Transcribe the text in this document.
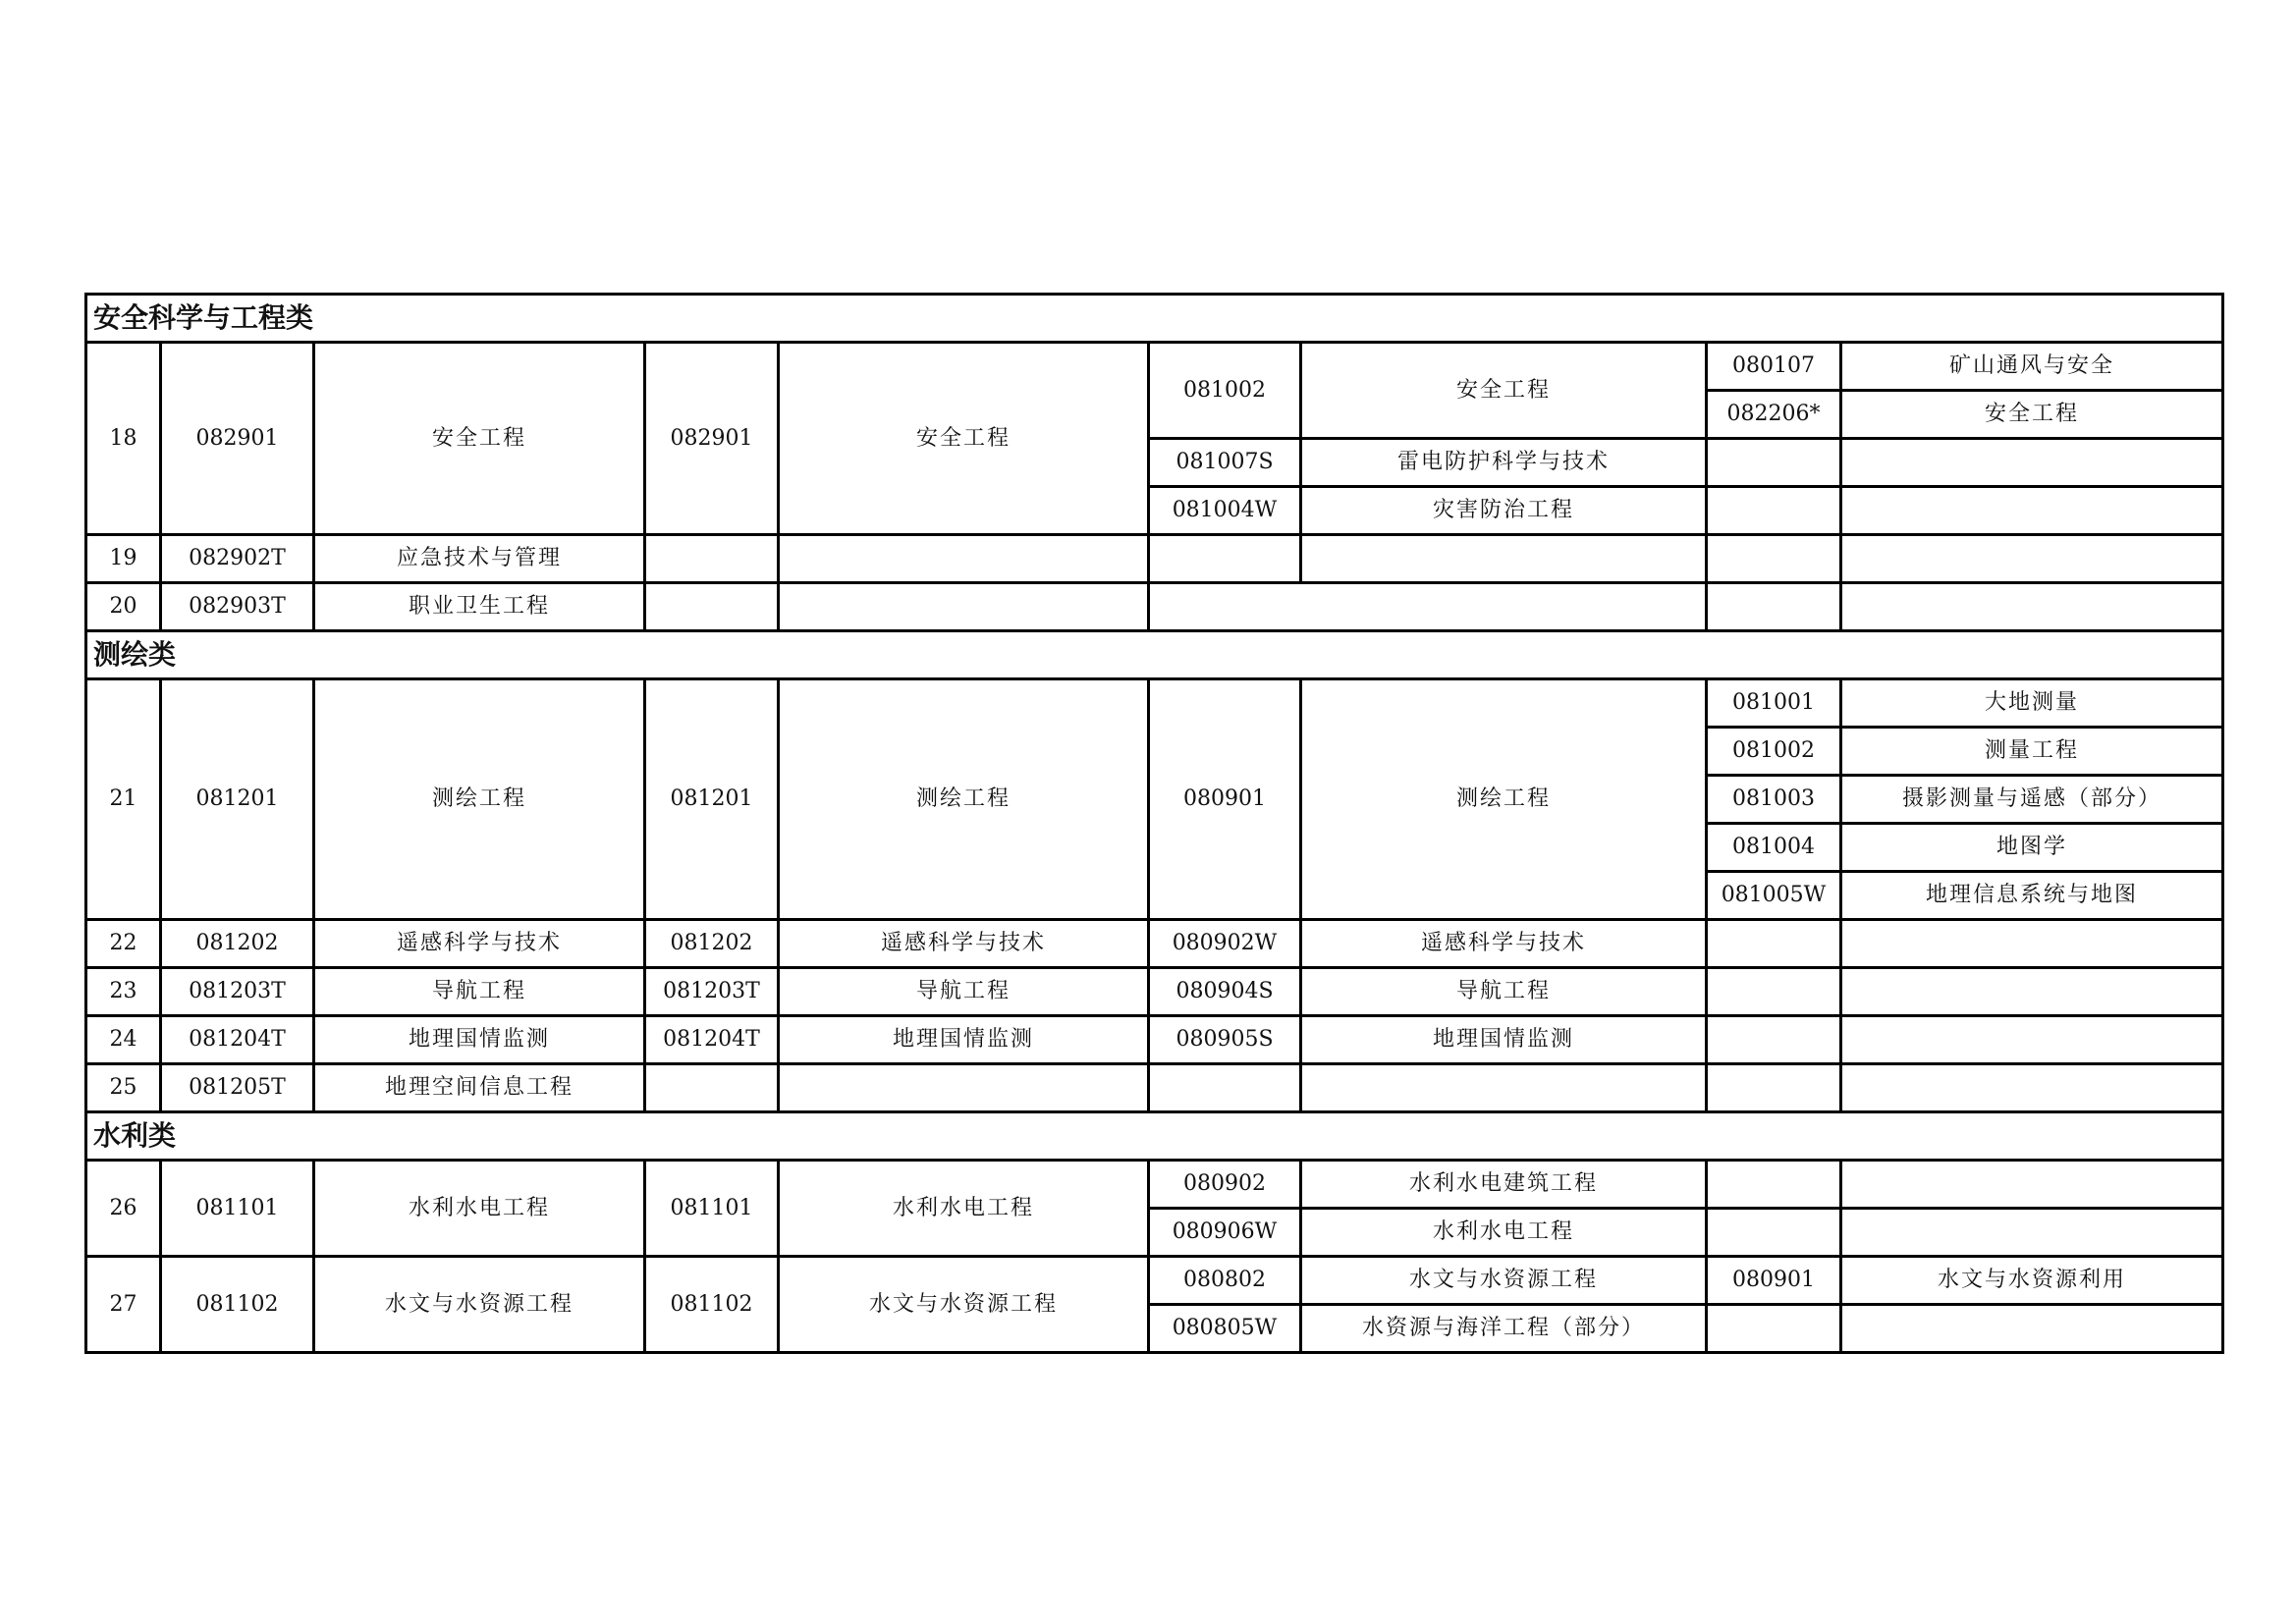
安全科学与工程类								
18	082901	安全工程	082901	安全工程	081002	安全工程	080107	矿山通风与安全
							082206*	安全工程
					081007S	雷电防护科学与技术		
					081004W	灾害防治工程		
19	082902T	应急技术与管理						
20	082903T	职业卫生工程						
测绘类								
21	081201	测绘工程	081201	测绘工程	080901	测绘工程	081001	大地测量
							081002	测量工程
							081003	摄影测量与遥感（部分）
							081004	地图学
							081005W	地理信息系统与地图
22	081202	遥感科学与技术	081202	遥感科学与技术	080902W	遥感科学与技术		
23	081203T	导航工程	081203T	导航工程	080904S	导航工程		
24	081204T	地理国情监测	081204T	地理国情监测	080905S	地理国情监测		
25	081205T	地理空间信息工程						
水利类								
26	081101	水利水电工程	081101	水利水电工程	080902	水利水电建筑工程		
					080906W	水利水电工程		
27	081102	水文与水资源工程	081102	水文与水资源工程	080802	水文与水资源工程	080901	水文与水资源利用
					080805W	水资源与海洋工程（部分）		
